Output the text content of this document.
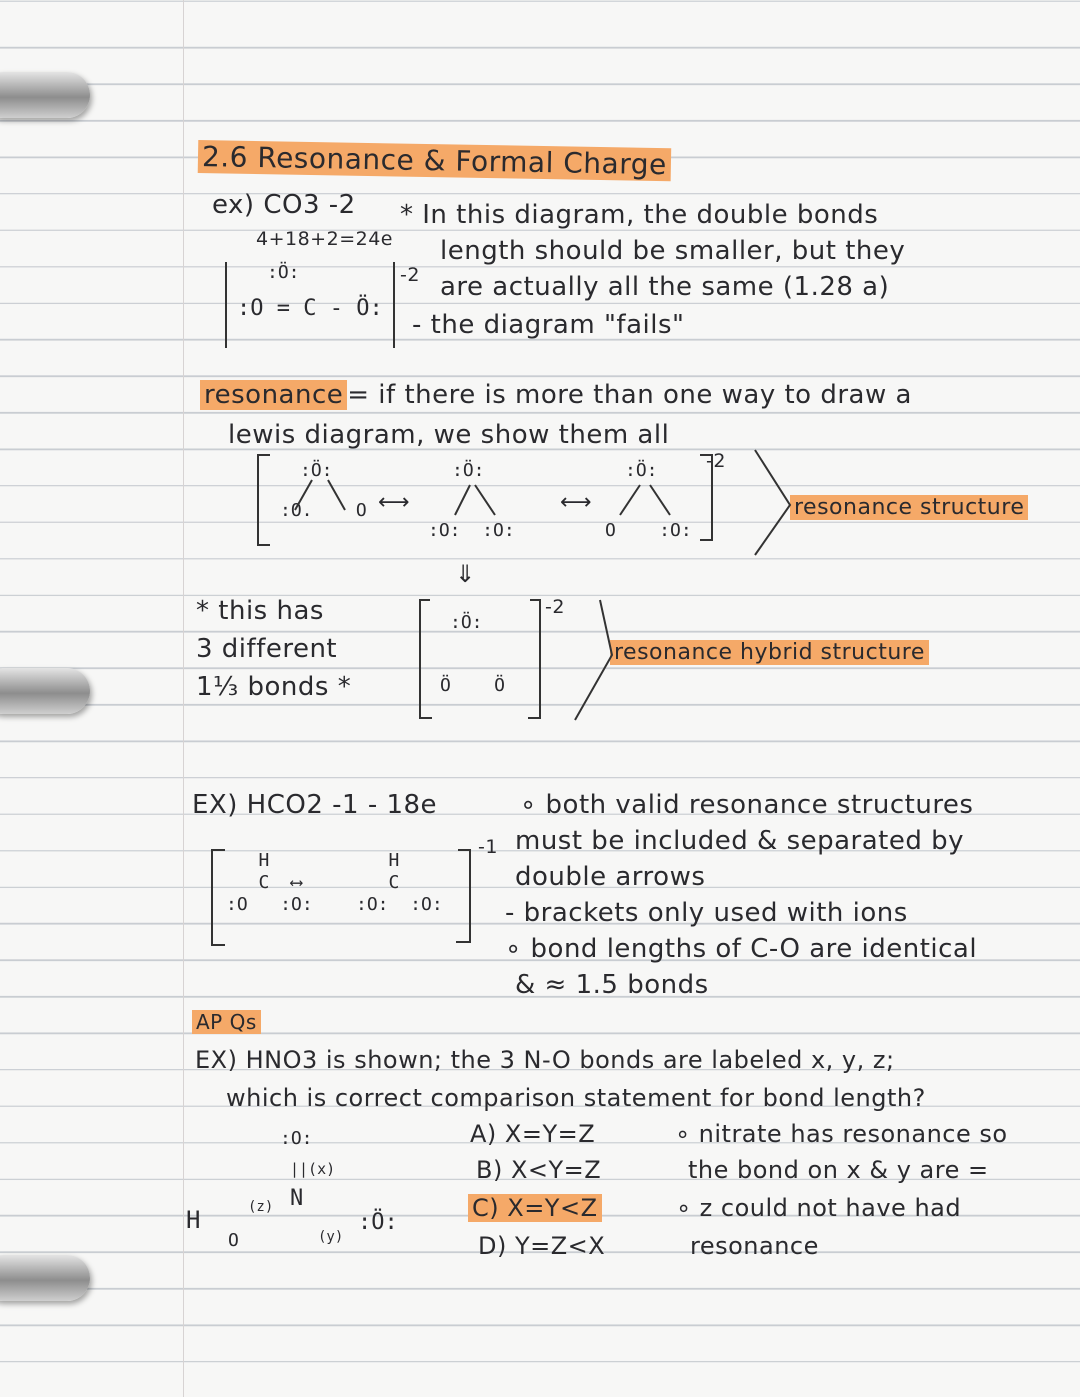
2.6 Resonance & Formal Charge
ex) CO3 -2
4+18+2=24e
:Ö:
:O = C - Ö:
-2
* In this diagram, the double bonds
length should be smaller, but they
are actually all the same (1.28 a)
- the diagram "fails"
resonance = if there is more than one way to draw a
lewis diagram, we show them all
:Ö:
:O.    O ⟷
:Ö:
:O:  :O:
⟷
:Ö:
O    :O:
-2
resonance structure
⇓
* this has
3 different
1⅓ bonds *
:Ö:
Ö    Ö
-2
resonance hybrid structure
EX) HCO2 -1 - 18e
H
C  ⟷
:O   :O:
H
C
:O:  :O:
-1
∘ both valid resonance structures
must be included & separated by
double arrows
- brackets only used with ions
∘ bond lengths of C-O are identical
& ≈ 1.5 bonds
AP Qs
EX) HNO3 is shown; the 3 N-O bonds are labeled x, y, z;
which is correct comparison statement for bond length?
:O:
||(x)
H
O
(z) N
(y)
:Ö:
A) X=Y=Z
B) X<Y=Z
C) X=Y<Z
D) Y=Z<X
∘ nitrate has resonance so
the bond on x & y are =
∘ z could not have had
resonance
